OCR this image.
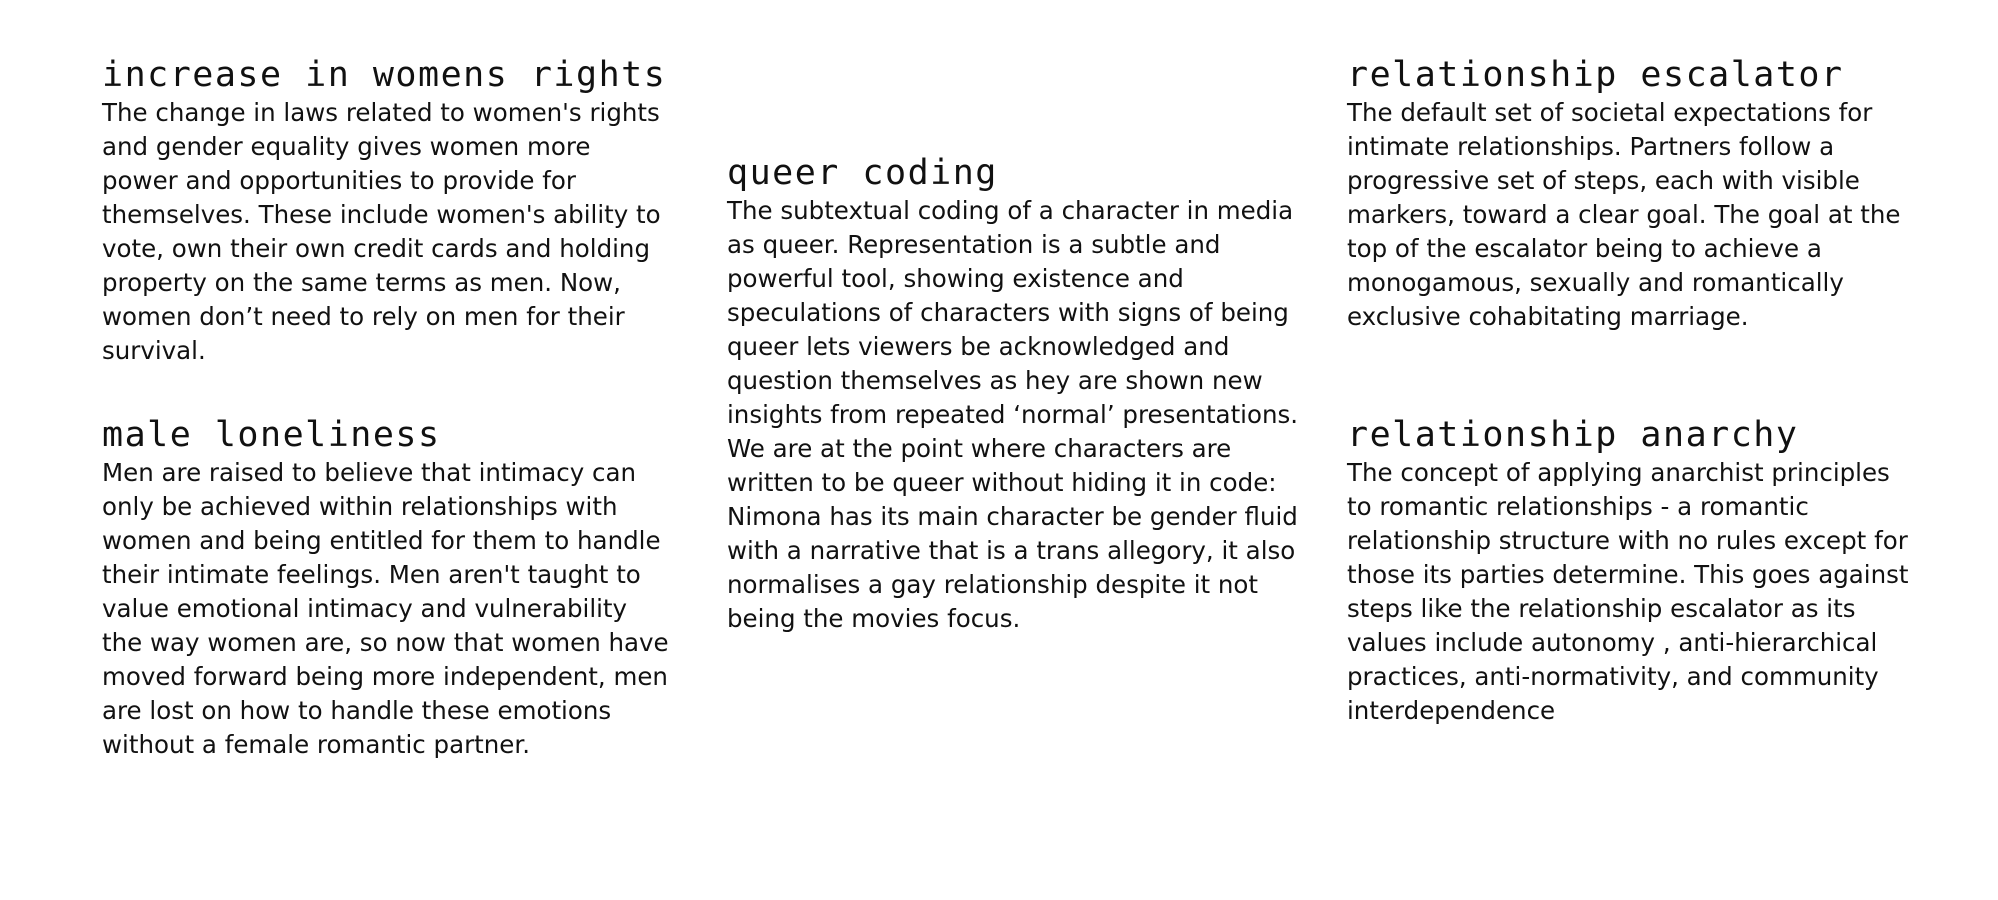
increase in womens rights

The change in laws related to women's rights and gender equality gives women more power and opportunities to provide for themselves. These include women's ability to vote, own their own credit cards and holding property on the same terms as men. Now, women don’t need to rely on men for their survival.

male loneliness

Men are raised to believe that intimacy can only be achieved within relationships with women and being entitled for them to handle their intimate feelings. Men aren't taught to value emotional intimacy and vulnerability the way women are, so now that women have moved forward being more independent, men are lost on how to handle these emotions without a female romantic partner.

queer coding

The subtextual coding of a character in media as queer. Representation is a subtle and powerful tool, showing existence and speculations of characters with signs of being queer lets viewers be acknowledged and question themselves as hey are shown new insights from repeated ‘normal’ presentations. We are at the point where characters are written to be queer without hiding it in code: Nimona has its main character be gender fluid with a narrative that is a trans allegory, it also normalises a gay relationship despite it not being the movies focus.

relationship escalator

The default set of societal expectations for intimate relationships. Partners follow a progressive set of steps, each with visible markers, toward a clear goal. The goal at the top of the escalator being to achieve a monogamous, sexually and romantically exclusive cohabitating marriage.

relationship anarchy

The concept of applying anarchist principles to romantic relationships - a romantic relationship structure with no rules except for those its parties determine. This goes against steps like the relationship escalator as its values include autonomy , anti-hierarchical practices, anti-normativity, and community interdependence
